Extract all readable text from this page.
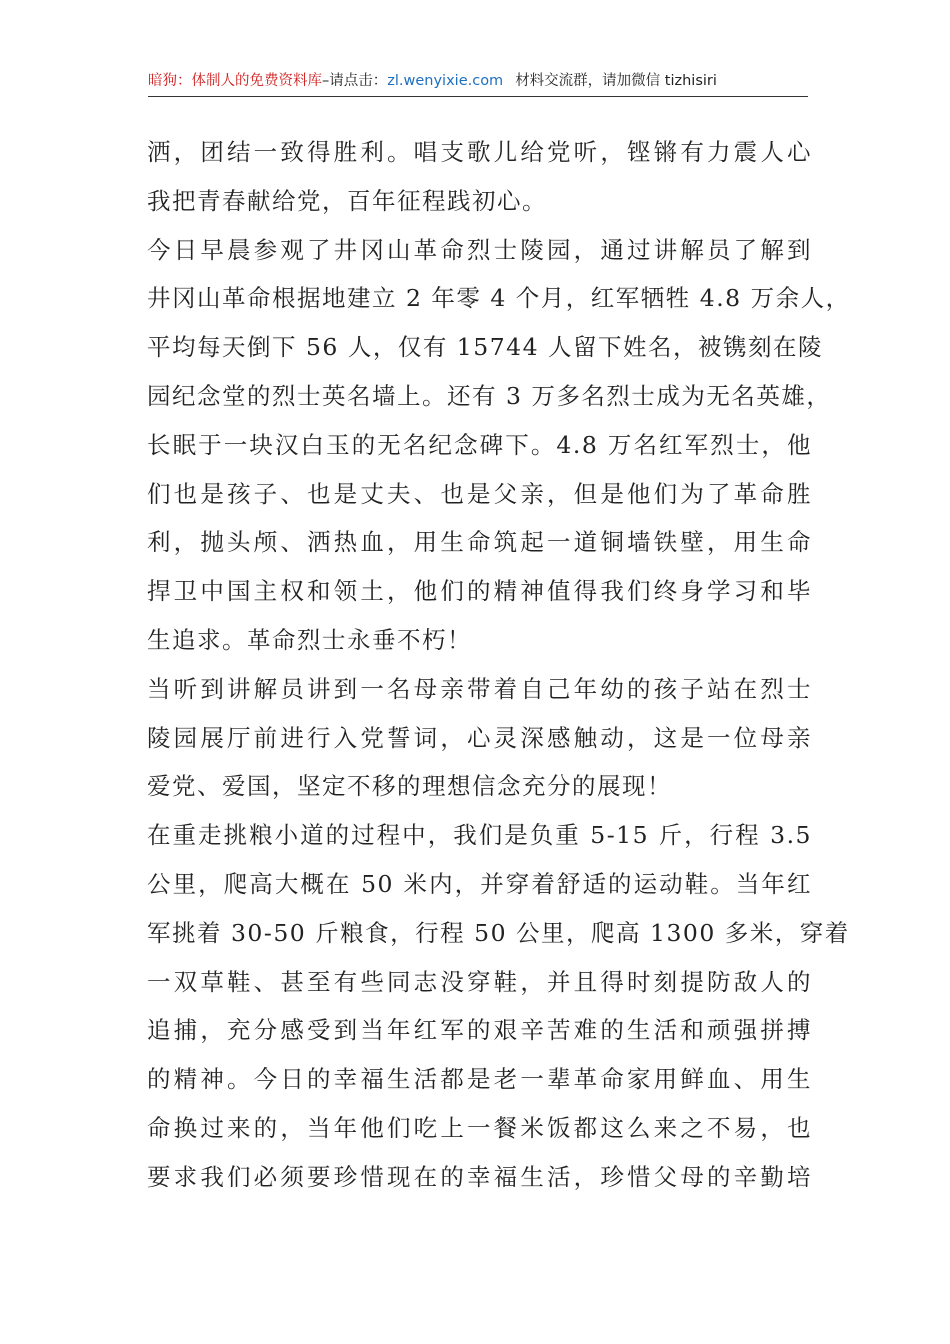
暗狗：体制人的免费资料库–请点击：zl.wenyixie.com 材料交流群，请加微信 tizhisiri
洒，团结一致得胜利。唱支歌儿给党听，铿锵有力震人心
我把青春献给党，百年征程践初心。
今日早晨参观了井冈山革命烈士陵园，通过讲解员了解到
井冈山革命根据地建立 2 年零 4 个月，红军牺牲 4.8 万余人，
平均每天倒下 56 人，仅有 15744 人留下姓名，被镌刻在陵
园纪念堂的烈士英名墙上。还有 3 万多名烈士成为无名英雄，
长眠于一块汉白玉的无名纪念碑下。4.8 万名红军烈士，他
们也是孩子、也是丈夫、也是父亲，但是他们为了革命胜
利，抛头颅、洒热血，用生命筑起一道铜墙铁壁，用生命
捍卫中国主权和领土，他们的精神值得我们终身学习和毕
生追求。革命烈士永垂不朽！
当听到讲解员讲到一名母亲带着自己年幼的孩子站在烈士
陵园展厅前进行入党誓词，心灵深感触动，这是一位母亲
爱党、爱国，坚定不移的理想信念充分的展现！
在重走挑粮小道的过程中，我们是负重 5-15 斤，行程 3.5
公里，爬高大概在 50 米内，并穿着舒适的运动鞋。当年红
军挑着 30-50 斤粮食，行程 50 公里，爬高 1300 多米，穿着
一双草鞋、甚至有些同志没穿鞋，并且得时刻提防敌人的
追捕，充分感受到当年红军的艰辛苦难的生活和顽强拼搏
的精神。今日的幸福生活都是老一辈革命家用鲜血、用生
命换过来的，当年他们吃上一餐米饭都这么来之不易，也
要求我们必须要珍惜现在的幸福生活，珍惜父母的辛勤培
